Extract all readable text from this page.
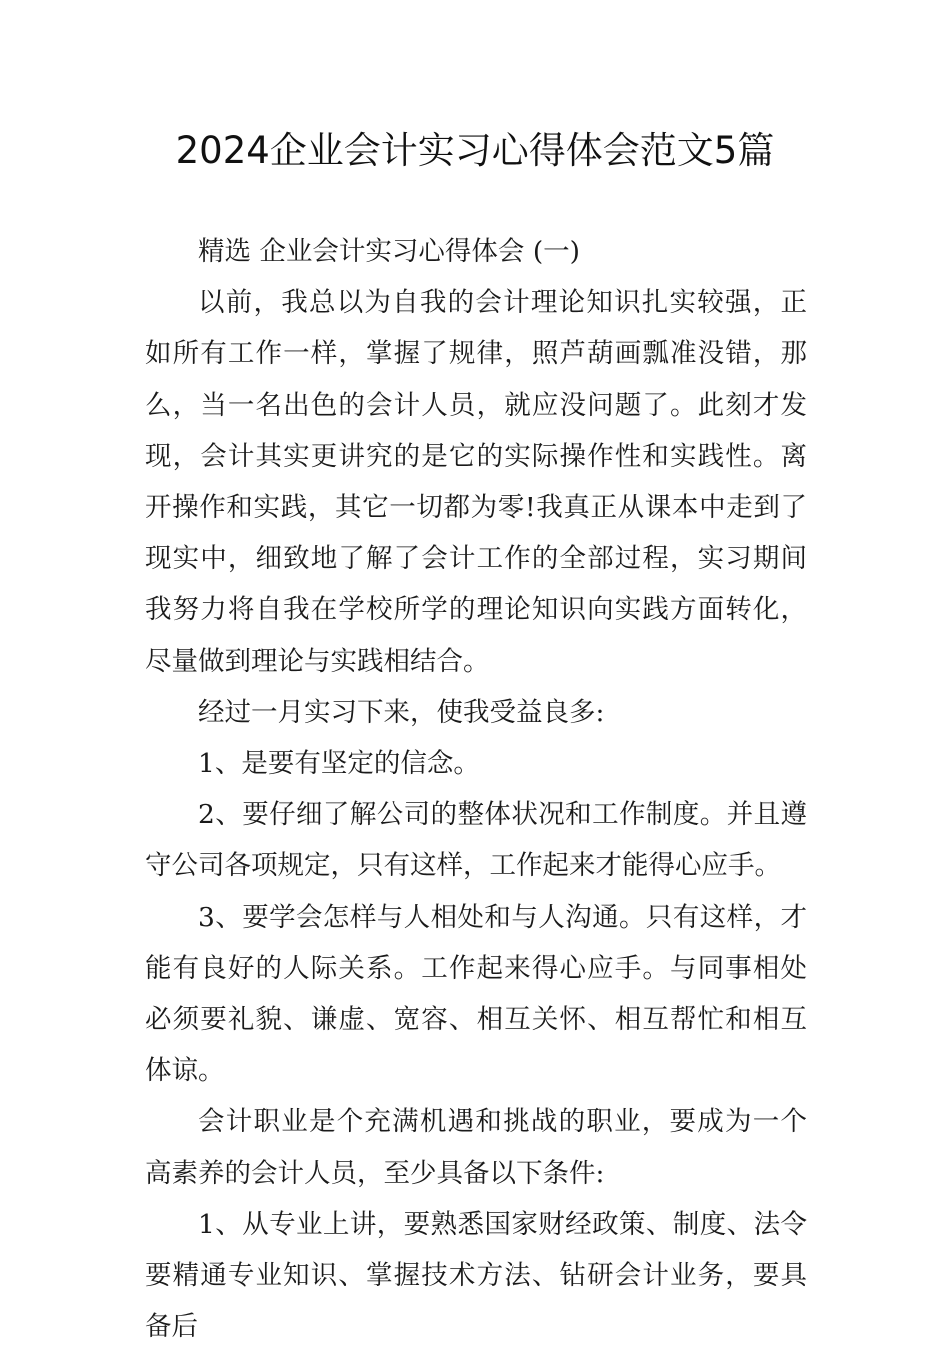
2024企业会计实习心得体会范文5篇

精选 企业会计实习心得体会 (一)

以前，我总以为自我的会计理论知识扎实较强，正如所有工作一样，掌握了规律，照芦葫画瓢准没错，那么，当一名出色的会计人员，就应没问题了。此刻才发现，会计其实更讲究的是它的实际操作性和实践性。离开操作和实践，其它一切都为零!我真正从课本中走到了现实中，细致地了解了会计工作的全部过程，实习期间我努力将自我在学校所学的理论知识向实践方面转化，尽量做到理论与实践相结合。

经过一月实习下来，使我受益良多:

1、是要有坚定的信念。

2、要仔细了解公司的整体状况和工作制度。并且遵守公司各项规定，只有这样，工作起来才能得心应手。

3、要学会怎样与人相处和与人沟通。只有这样，才能有良好的人际关系。工作起来得心应手。与同事相处必须要礼貌、谦虚、宽容、相互关怀、相互帮忙和相互体谅。

会计职业是个充满机遇和挑战的职业，要成为一个高素养的会计人员，至少具备以下条件:

1、从专业上讲，要熟悉国家财经政策、制度、法令要精通专业知识、掌握技术方法、钻研会计业务，要具备后
